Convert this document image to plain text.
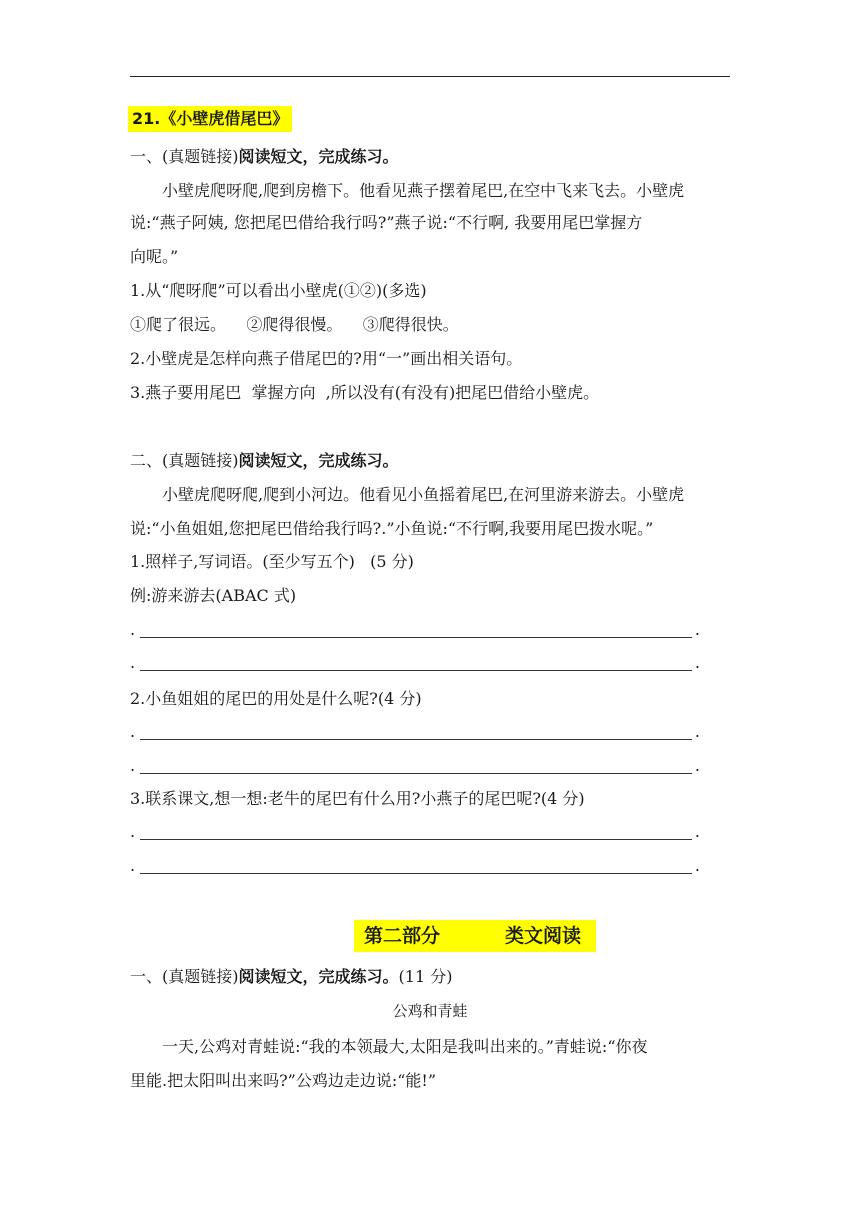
21.《小壁虎借尾巴》
一、(真题链接)阅读短文，完成练习。
小壁虎爬呀爬,爬到房檐下。他看见燕子摆着尾巴,在空中飞来飞去。小壁虎
说:“燕子阿姨, 您把尾巴借给我行吗?”燕子说:“不行啊, 我要用尾巴掌握方
向呢。”
1.从“爬呀爬”可以看出小壁虎(①②)(多选)
①爬了很远。    ②爬得很慢。    ③爬得很快。
2.小壁虎是怎样向燕子借尾巴的?用“一”画出相关语句。
3.燕子要用尾巴  掌握方向  ,所以没有(有没有)把尾巴借给小壁虎。
二、(真题链接)阅读短文，完成练习。
小壁虎爬呀爬,爬到小河边。他看见小鱼摇着尾巴,在河里游来游去。小壁虎
说:“小鱼姐姐,您把尾巴借给我行吗?.”小鱼说:“不行啊,我要用尾巴拨水呢。”
1.照样子,写词语。(至少写五个)   (5 分)
例:游来游去(ABAC 式)
.	.
.	.
2.小鱼姐姐的尾巴的用处是什么呢?(4 分)
.	.
.	.
3.联系课文,想一想:老牛的尾巴有什么用?小燕子的尾巴呢?(4 分)
.	.
.	.
第二部分	类文阅读
一、(真题链接)阅读短文，完成练习。(11 分)
公鸡和青蛙
一天,公鸡对青蛙说:“我的本领最大,太阳是我叫出来的。”青蛙说:“你夜
里能.把太阳叫出来吗?”公鸡边走边说:“能!”
